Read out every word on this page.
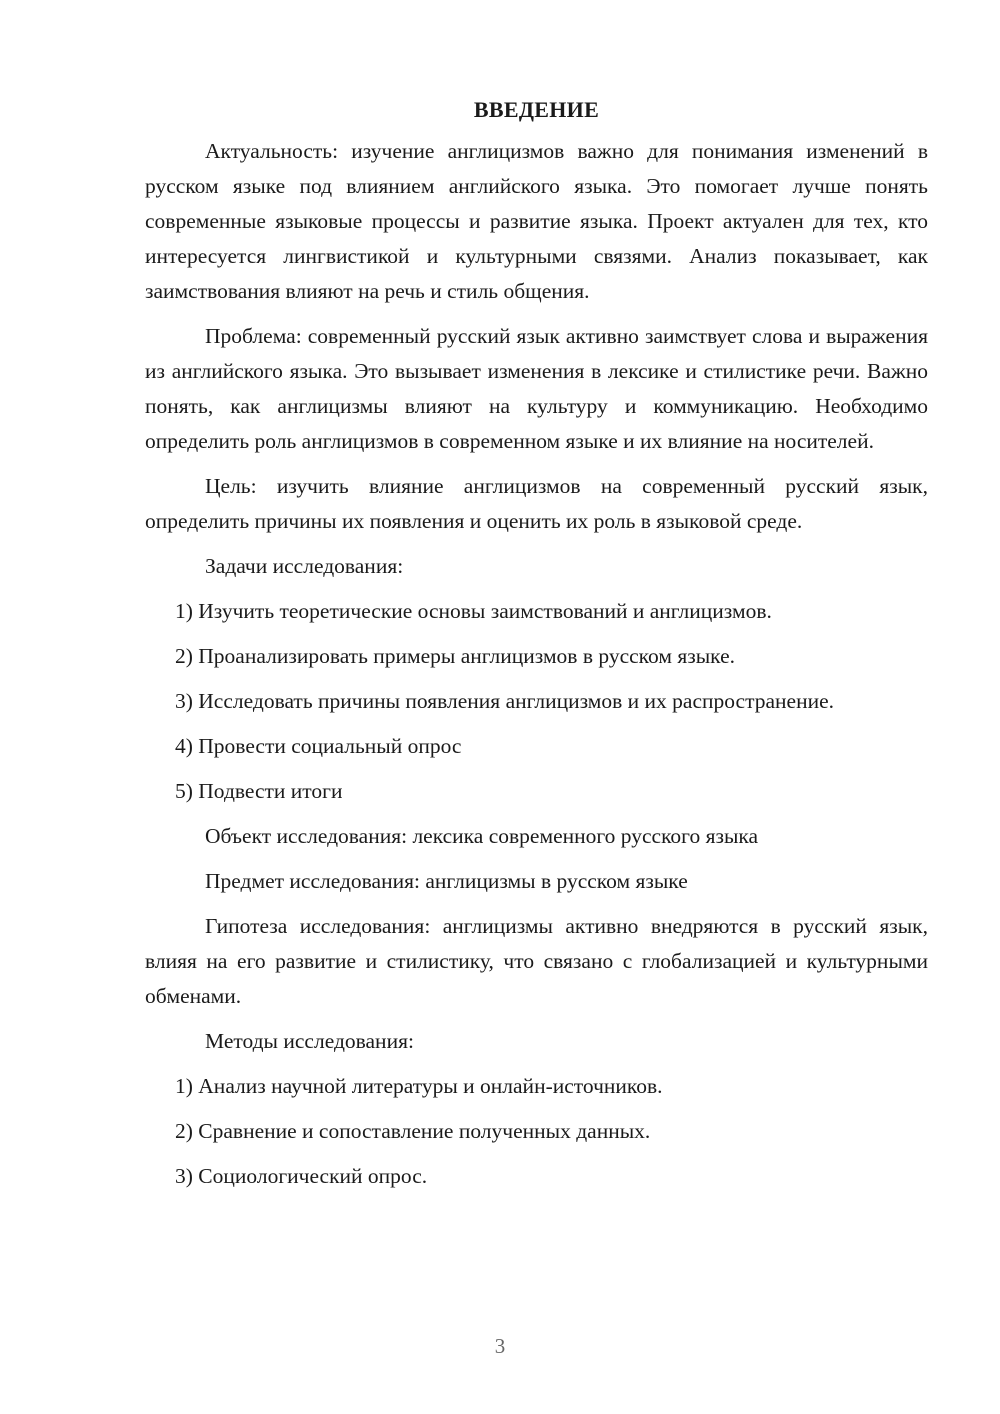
ВВЕДЕНИЕ
Актуальность: изучение англицизмов важно для понимания изменений в русском языке под влиянием английского языка. Это помогает лучше понять современные языковые процессы и развитие языка. Проект актуален для тех, кто интересуется лингвистикой и культурными связями. Анализ показывает, как заимствования влияют на речь и стиль общения.
Проблема: современный русский язык активно заимствует слова и выражения из английского языка. Это вызывает изменения в лексике и стилистике речи. Важно понять, как англицизмы влияют на культуру и коммуникацию. Необходимо определить роль англицизмов в современном языке и их влияние на носителей.
Цель: изучить влияние англицизмов на современный русский язык, определить причины их появления и оценить их роль в языковой среде.
Задачи исследования:
1) Изучить теоретические основы заимствований и англицизмов.
2) Проанализировать примеры англицизмов в русском языке.
3) Исследовать причины появления англицизмов и их распространение.
4) Провести социальный опрос
5) Подвести итоги
Объект исследования: лексика современного русского языка
Предмет исследования: англицизмы в русском языке
Гипотеза исследования: англицизмы активно внедряются в русский язык, влияя на его развитие и стилистику, что связано с глобализацией и культурными обменами.
Методы исследования:
1) Анализ научной литературы и онлайн-источников.
2) Сравнение и сопоставление полученных данных.
3) Социологический опрос.
3
